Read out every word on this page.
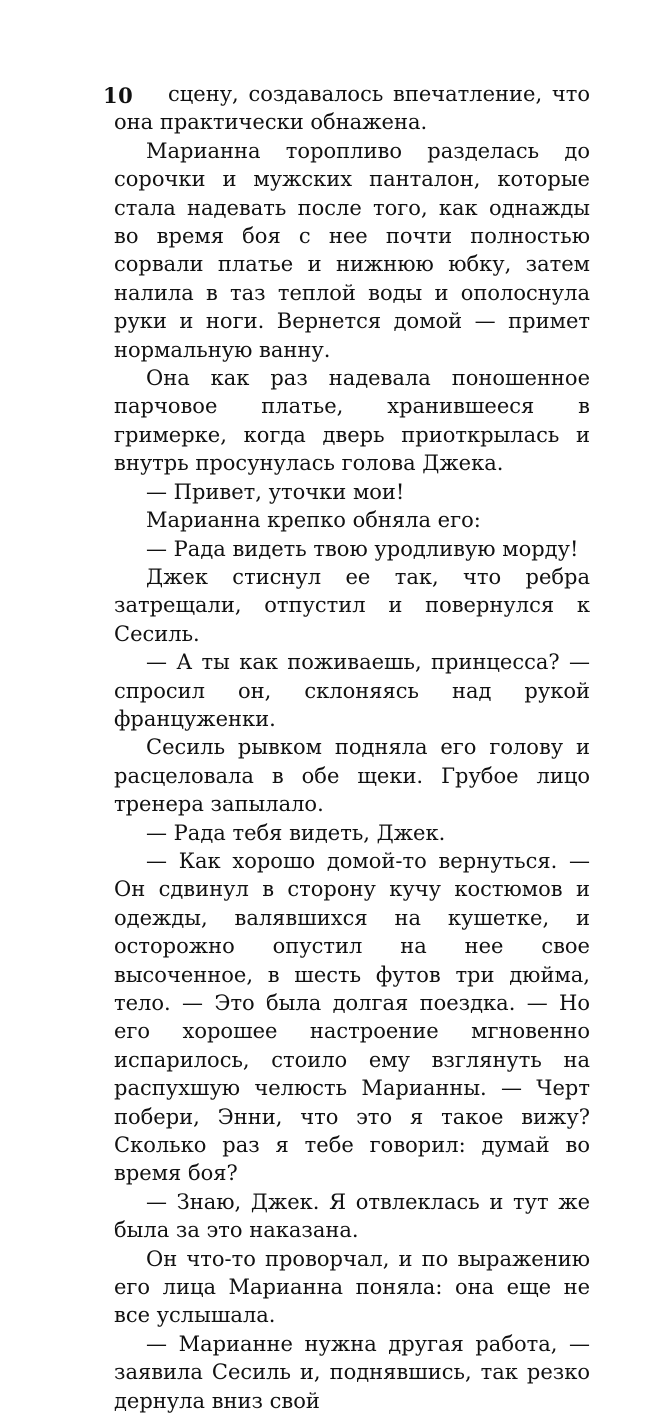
10	сцену, создавалось впечатление, что она практически обнажена.

Марианна торопливо разделась до сорочки и мужских панталон, которые стала надевать после того, как однажды во время боя с нее почти полностью сорвали платье и нижнюю юбку, затем налила в таз теплой воды и ополоснула руки и ноги. Вернется домой — примет нормальную ванну.

Она как раз надевала поношенное парчовое платье, хранившееся в гримерке, когда дверь приоткрылась и внутрь просунулась голова Джека.

— Привет, уточки мои!

Марианна крепко обняла его:

— Рада видеть твою уродливую морду!

Джек стиснул ее так, что ребра затрещали, отпустил и повернулся к Сесиль.

— А ты как поживаешь, принцесса? — спросил он, склоняясь над рукой француженки.

Сесиль рывком подняла его голову и расцеловала в обе щеки. Грубое лицо тренера запылало.

— Рада тебя видеть, Джек.

— Как хорошо домой-то вернуться. — Он сдвинул в сторону кучу костюмов и одежды, валявшихся на кушетке, и осторожно опустил на нее свое высоченное, в шесть футов три дюйма, тело. — Это была долгая поездка. — Но его хорошее настроение мгновенно испарилось, стоило ему взглянуть на распухшую челюсть Марианны. — Черт побери, Энни, что это я такое вижу? Сколько раз я тебе говорил: думай во время боя?

— Знаю, Джек. Я отвлеклась и тут же была за это наказана.

Он что-то проворчал, и по выражению его лица Марианна поняла: она еще не все услышала.

— Марианне нужна другая работа, — заявила Сесиль и, поднявшись, так резко дернула вниз свой
